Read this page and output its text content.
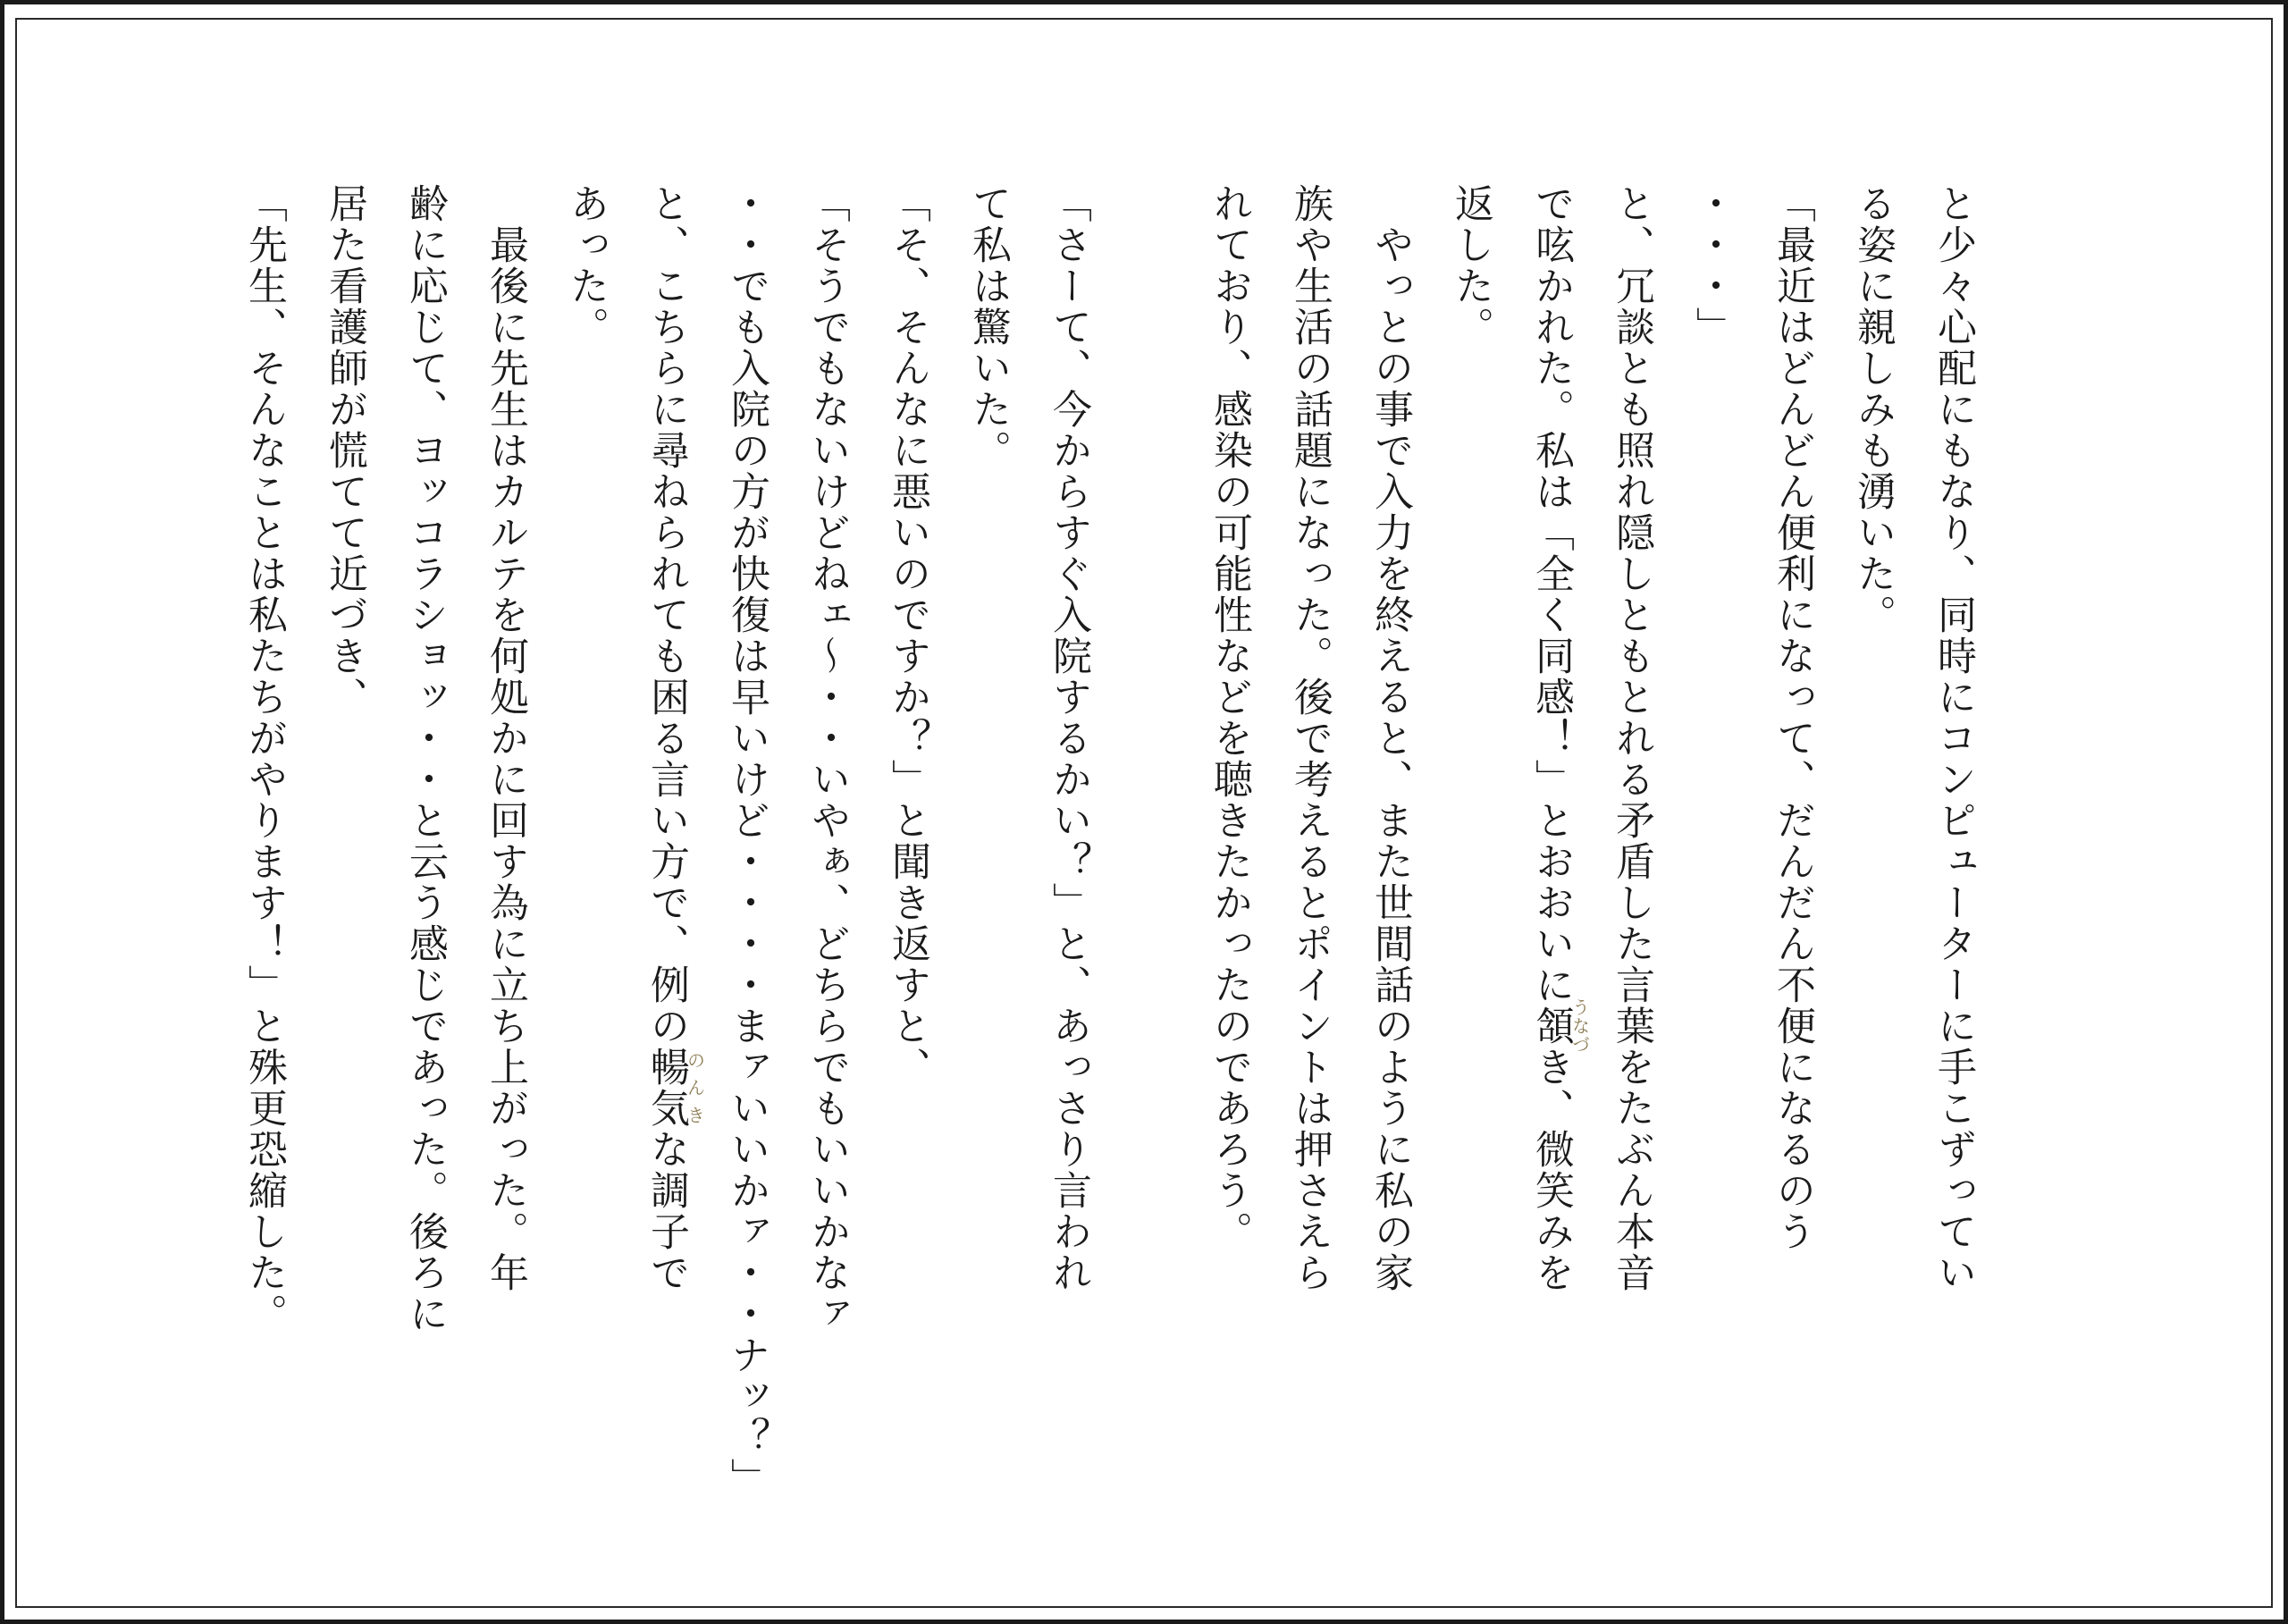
と少々心配にもなり、同時にコンピューターに手こずってい
る姿に親しみも湧いた。
「最近はどんどん便利になって、だんだん不便になるのう
・・・」
と、冗談とも照れ隠しともとれる矛盾した言葉をたぶん本音
で呟かれた。私は「全く同感！」とおおいに頷うなづき、微笑みを
返した。
　やっとの事で入力を終えると、また世間話のように私の家
族や生活の話題になった。後で考えるとポイントは押さえら
れており、感染の可能性などを聴きたかったのであろう。
「さーて、今からすぐ入院するかい？」と、あっさり言われ
て私は驚いた。
「そ、そんなに悪いのですか？」と聞き返すと、
「そうでもないけどねェ～・・いやぁ、どちらでもいいかなァ
・・でも入院の方が快復は早いけど・・・・まァいいかァ・・ナッ？」
と、こちらに尋ねられても困る言い方で、例の暢気のんきな調子で
あった。
　最後に先生はカルテを何処かに回す為に立ち上がった。年
齢に応じて、ヨッコラショッ・・と云う感じであった。後ろに
居た看護師が慌てて近づき、
「先生、そんなことは私たちがやります！」と殊更恐縮した。
